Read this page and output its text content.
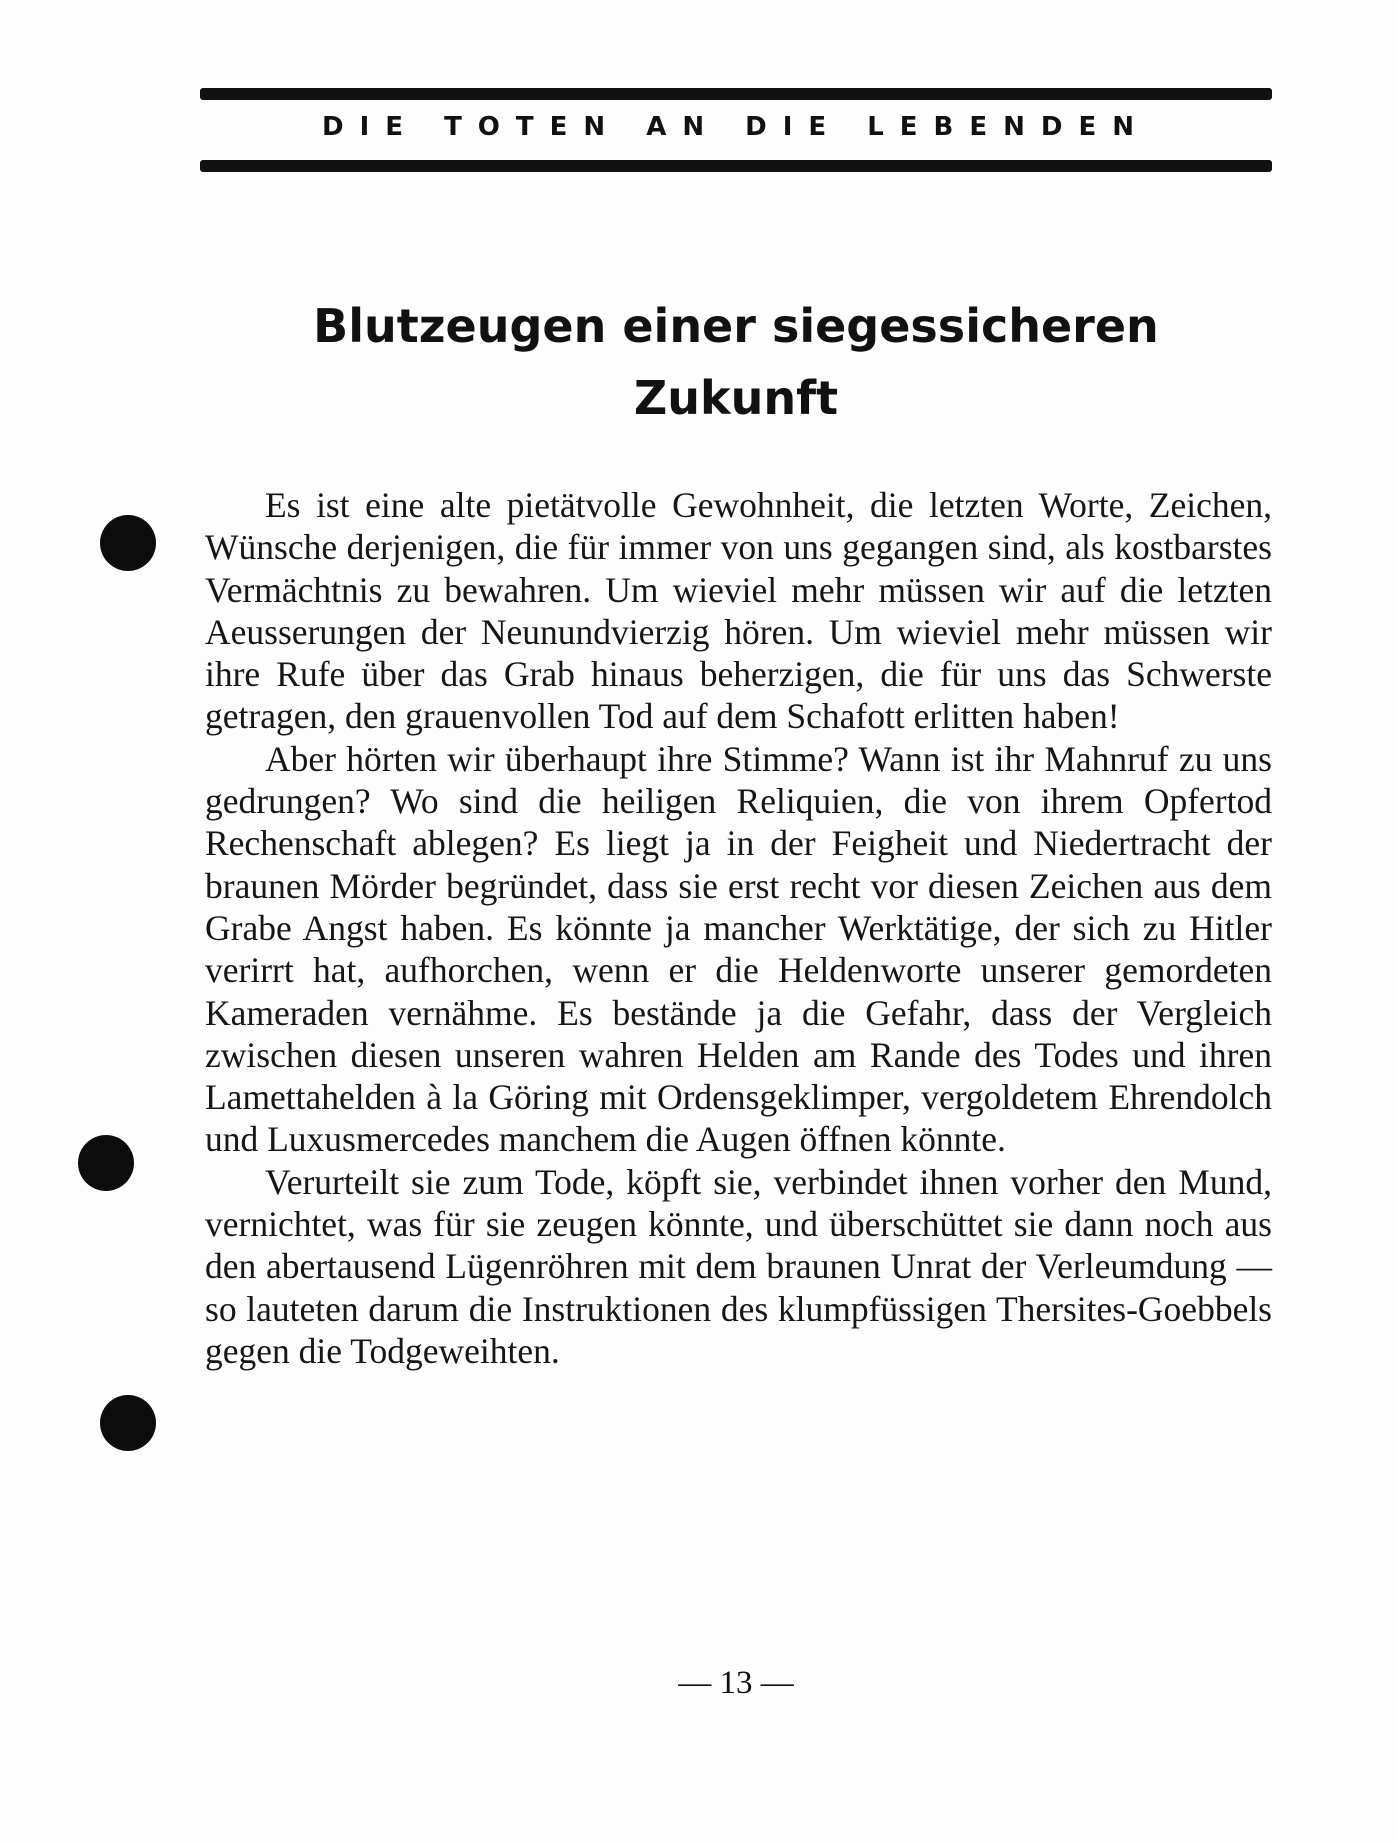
DIE TOTEN AN DIE LEBENDEN
Blutzeugen einer siegessicheren
Zukunft

Es ist eine alte pietätvolle Gewohnheit, die letzten Worte, Zeichen, Wünsche derjenigen, die für immer von uns gegangen sind, als kostbarstes Vermächtnis zu bewahren. Um wieviel mehr müssen wir auf die letzten Aeusserungen der Neunundvierzig hören. Um wieviel mehr müssen wir ihre Rufe über das Grab hinaus beherzigen, die für uns das Schwerste getragen, den grauenvollen Tod auf dem Schafott erlitten haben!

Aber hörten wir überhaupt ihre Stimme? Wann ist ihr Mahnruf zu uns gedrungen? Wo sind die heiligen Reliquien, die von ihrem Opfertod Rechenschaft ablegen? Es liegt ja in der Feigheit und Niedertracht der braunen Mörder begründet, dass sie erst recht vor diesen Zeichen aus dem Grabe Angst haben. Es könnte ja mancher Werktätige, der sich zu Hitler verirrt hat, aufhorchen, wenn er die Heldenworte unserer gemordeten Kameraden vernähme. Es bestände ja die Gefahr, dass der Vergleich zwischen diesen unseren wahren Helden am Rande des Todes und ihren Lamettahelden à la Göring mit Ordensgeklimper, vergoldetem Ehrendolch und Luxusmercedes manchem die Augen öffnen könnte.

Verurteilt sie zum Tode, köpft sie, verbindet ihnen vorher den Mund, vernichtet, was für sie zeugen könnte, und überschüttet sie dann noch aus den abertausend Lügenröhren mit dem braunen Unrat der Verleumdung — so lauteten darum die Instruktionen des klumpfüssigen Thersites-Goebbels gegen die Todgeweihten.

— 13 —
